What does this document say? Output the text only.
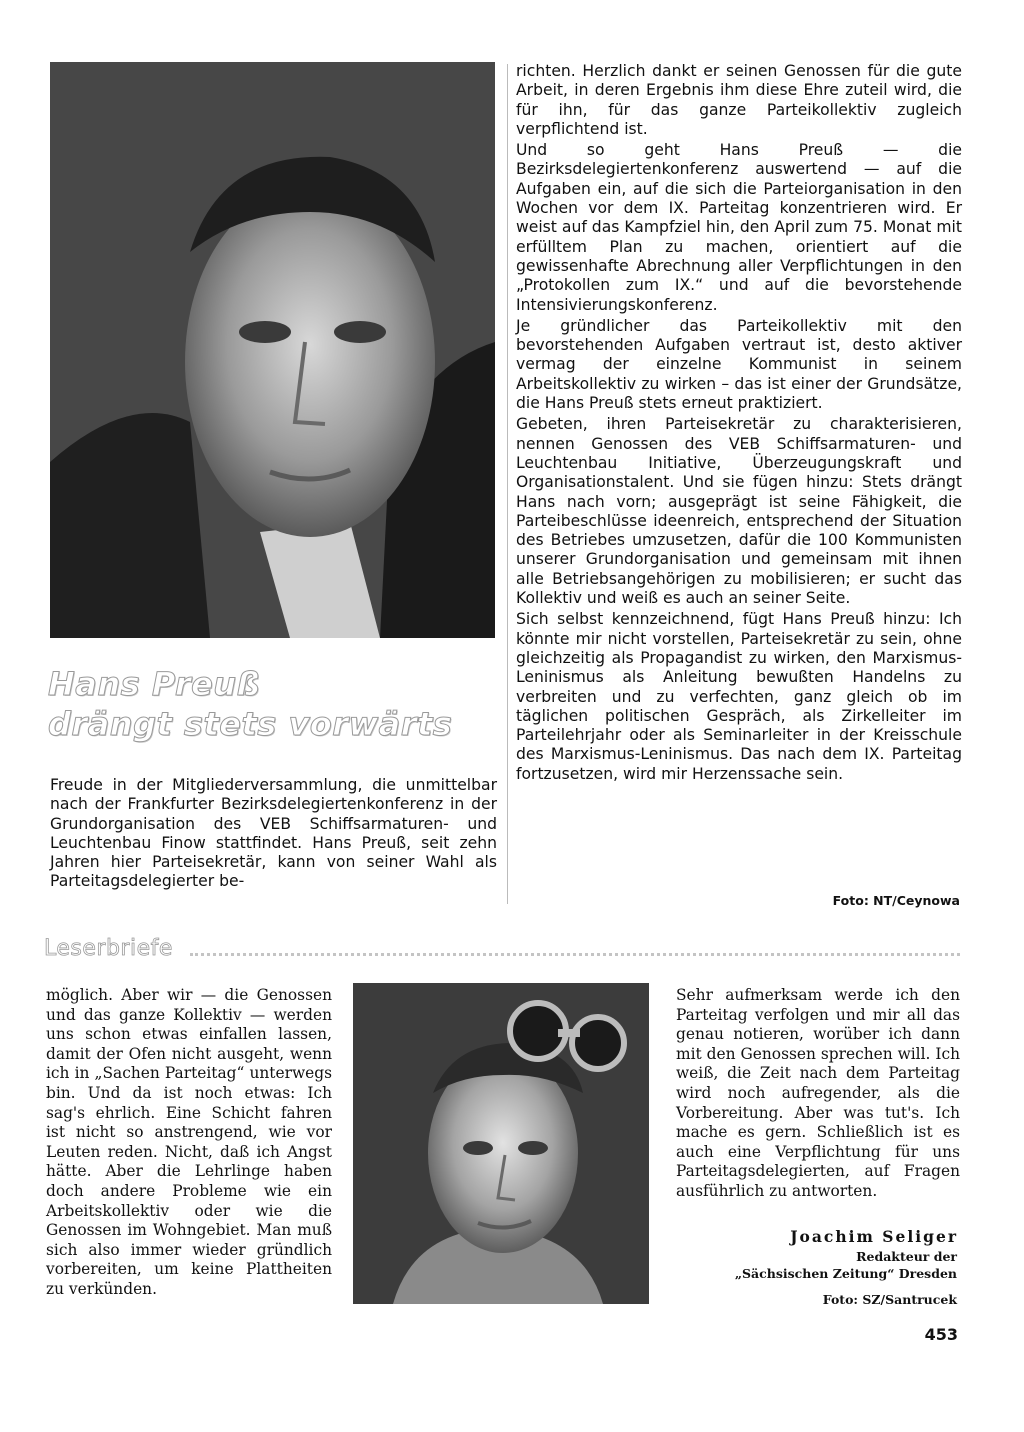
Hans Preuß
drängt stets vorwärts

Freude in der Mitgliederversammlung, die unmittelbar nach der Frankfurter Bezirksdelegiertenkonferenz in der Grundorganisation des VEB Schiffsarmaturen- und Leuchtenbau Finow stattfindet. Hans Preuß, seit zehn Jahren hier Parteisekretär, kann von seiner Wahl als Parteitagsdelegierter be-

richten. Herzlich dankt er seinen Genossen für die gute Arbeit, in deren Ergebnis ihm diese Ehre zuteil wird, die für ihn, für das ganze Parteikollektiv zugleich verpflichtend ist.

Und so geht Hans Preuß — die Bezirksdelegiertenkonferenz auswertend — auf die Aufgaben ein, auf die sich die Parteiorganisation in den Wochen vor dem IX. Parteitag konzentrieren wird. Er weist auf das Kampfziel hin, den April zum 75. Monat mit erfülltem Plan zu machen, orientiert auf die gewissenhafte Abrechnung aller Verpflichtungen in den „Protokollen zum IX.“ und auf die bevorstehende Intensivierungskonferenz.

Je gründlicher das Parteikollektiv mit den bevorstehenden Aufgaben vertraut ist, desto aktiver vermag der einzelne Kommunist in seinem Arbeitskollektiv zu wirken – das ist einer der Grundsätze, die Hans Preuß stets erneut praktiziert.

Gebeten, ihren Parteisekretär zu charakterisieren, nennen Genossen des VEB Schiffsarmaturen- und Leuchtenbau Initiative, Überzeugungskraft und Organisationstalent. Und sie fügen hinzu: Stets drängt Hans nach vorn; ausgeprägt ist seine Fähigkeit, die Parteibeschlüsse ideenreich, entsprechend der Situation des Betriebes umzusetzen, dafür die 100 Kommunisten unserer Grundorganisation und gemeinsam mit ihnen alle Betriebsangehörigen zu mobilisieren; er sucht das Kollektiv und weiß es auch an seiner Seite.

Sich selbst kennzeichnend, fügt Hans Preuß hinzu: Ich könnte mir nicht vorstellen, Parteisekretär zu sein, ohne gleichzeitig als Propagandist zu wirken, den Marxismus-Leninismus als Anleitung bewußten Handelns zu verbreiten und zu verfechten, ganz gleich ob im täglichen politischen Gespräch, als Zirkelleiter im Parteilehrjahr oder als Seminarleiter in der Kreisschule des Marxismus-Leninismus. Das nach dem IX. Parteitag fortzusetzen, wird mir Herzenssache sein.

Foto: NT/Ceynowa
Leserbriefe

möglich. Aber wir — die Genossen und das ganze Kollektiv — werden uns schon etwas einfallen lassen, damit der Ofen nicht ausgeht, wenn ich in „Sachen Parteitag“ unterwegs bin. Und da ist noch etwas: Ich sag's ehrlich. Eine Schicht fahren ist nicht so anstrengend, wie vor Leuten reden. Nicht, daß ich Angst hätte. Aber die Lehrlinge haben doch andere Probleme wie ein Arbeitskollektiv oder wie die Genossen im Wohngebiet. Man muß sich also immer wieder gründlich vorbereiten, um keine Plattheiten zu verkünden.

Sehr aufmerksam werde ich den Parteitag verfolgen und mir all das genau notieren, worüber ich dann mit den Genossen sprechen will. Ich weiß, die Zeit nach dem Parteitag wird noch aufregender, als die Vorbereitung. Aber was tut's. Ich mache es gern. Schließlich ist es auch eine Verpflichtung für uns Parteitagsdelegierten, auf Fragen ausführlich zu antworten.

Joachim Seliger
Redakteur der
„Sächsischen Zeitung“ Dresden
Foto: SZ/Santrucek
453
